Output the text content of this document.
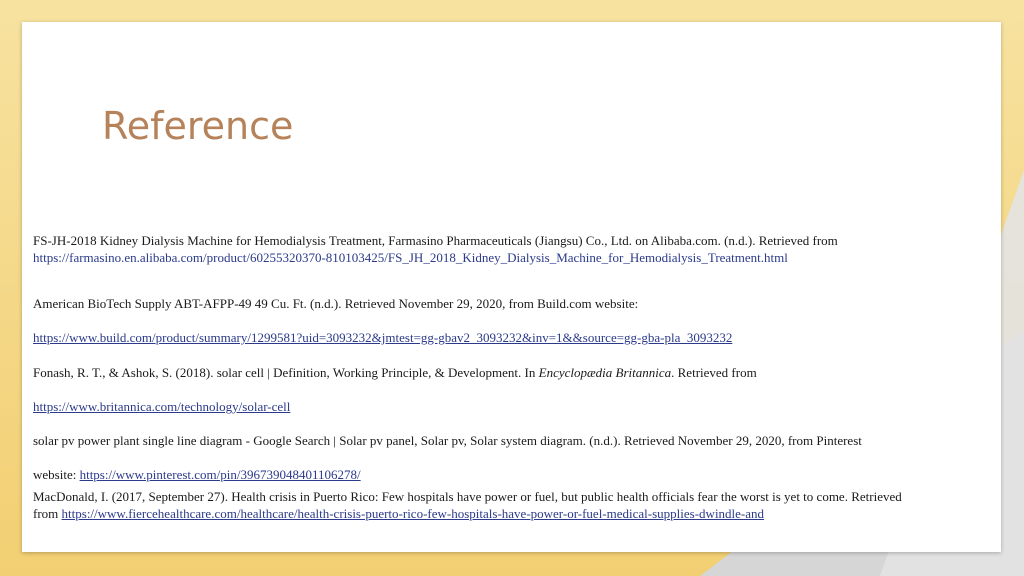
Reference
FS-JH-2018 Kidney Dialysis Machine for Hemodialysis Treatment, Farmasino Pharmaceuticals (Jiangsu) Co., Ltd. on Alibaba.com. (n.d.). Retrieved from
https://farmasino.en.alibaba.com/product/60255320370-810103425/FS_JH_2018_Kidney_Dialysis_Machine_for_Hemodialysis_Treatment.html
American BioTech Supply ABT-AFPP-49 49 Cu. Ft. (n.d.). Retrieved November 29, 2020, from Build.com website:
https://www.build.com/product/summary/1299581?uid=3093232&jmtest=gg-gbav2_3093232&inv=1&&source=gg-gba-pla_3093232
Fonash, R. T., & Ashok, S. (2018). solar cell | Definition, Working Principle, & Development. In Encyclopædia Britannica. Retrieved from
https://www.britannica.com/technology/solar-cell
solar pv power plant single line diagram - Google Search | Solar pv panel, Solar pv, Solar system diagram. (n.d.). Retrieved November 29, 2020, from Pinterest
website: https://www.pinterest.com/pin/396739048401106278/
MacDonald, I. (2017, September 27). Health crisis in Puerto Rico: Few hospitals have power or fuel, but public health officials fear the worst is yet to come. Retrieved
from https://www.fiercehealthcare.com/healthcare/health-crisis-puerto-rico-few-hospitals-have-power-or-fuel-medical-supplies-dwindle-and
